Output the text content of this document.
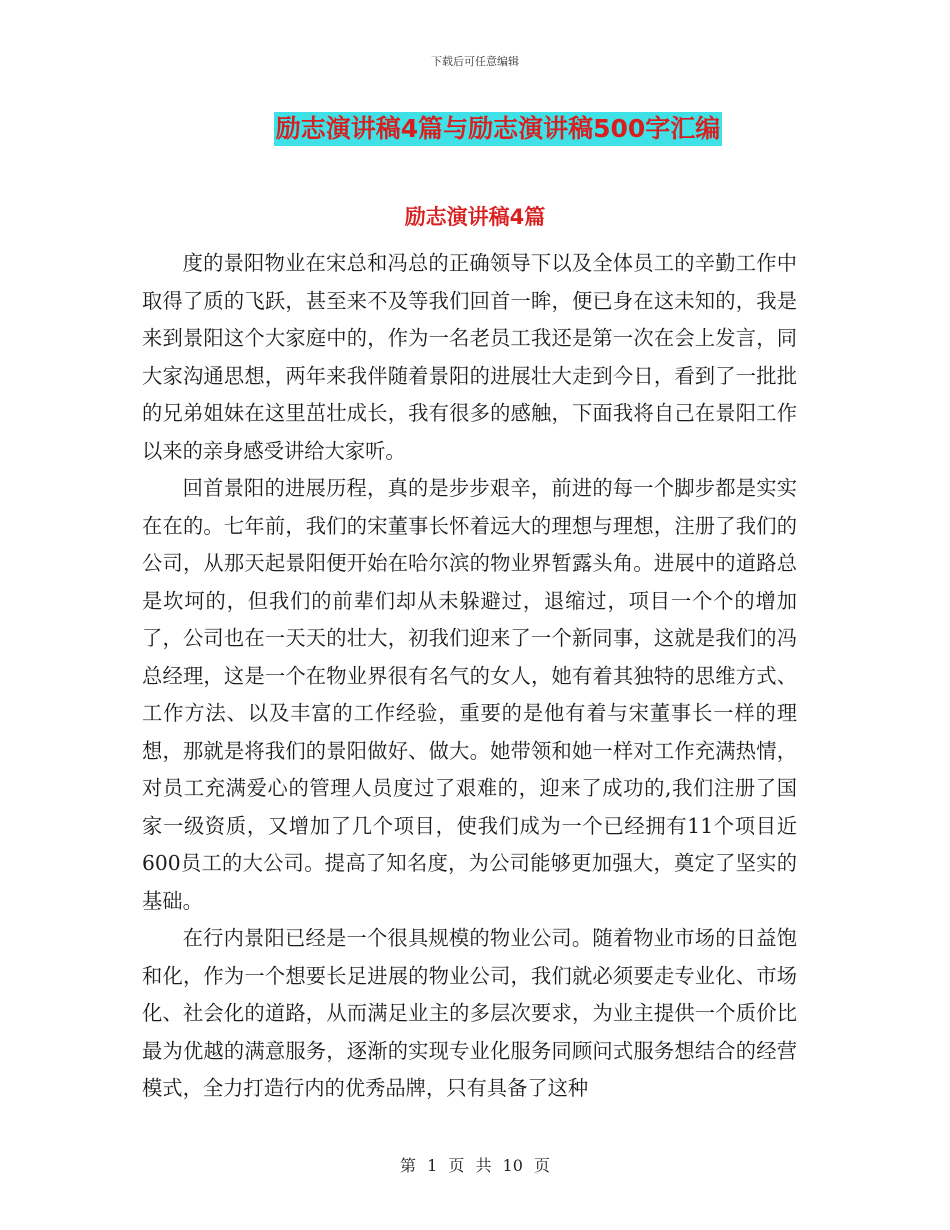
下载后可任意编辑
励志演讲稿4篇与励志演讲稿500字汇编
励志演讲稿4篇

度的景阳物业在宋总和冯总的正确领导下以及全体员工的辛勤工作中取得了质的飞跃，甚至来不及等我们回首一眸，便已身在这未知的，我是来到景阳这个大家庭中的，作为一名老员工我还是第一次在会上发言，同大家沟通思想，两年来我伴随着景阳的进展壮大走到今日，看到了一批批的兄弟姐妹在这里茁壮成长，我有很多的感触，下面我将自己在景阳工作以来的亲身感受讲给大家听。

回首景阳的进展历程，真的是步步艰辛，前进的每一个脚步都是实实在在的。七年前，我们的宋董事长怀着远大的理想与理想，注册了我们的公司，从那天起景阳便开始在哈尔滨的物业界暂露头角。进展中的道路总是坎坷的，但我们的前辈们却从未躲避过，退缩过，项目一个个的增加了，公司也在一天天的壮大，初我们迎来了一个新同事，这就是我们的冯总经理，这是一个在物业界很有名气的女人，她有着其独特的思维方式、工作方法、以及丰富的工作经验，重要的是他有着与宋董事长一样的理想，那就是将我们的景阳做好、做大。她带领和她一样对工作充满热情，对员工充满爱心的管理人员度过了艰难的，迎来了成功的,我们注册了国家一级资质，又增加了几个项目，使我们成为一个已经拥有11个项目近600员工的大公司。提高了知名度，为公司能够更加强大，奠定了坚实的基础。

在行内景阳已经是一个很具规模的物业公司。随着物业市场的日益饱和化，作为一个想要长足进展的物业公司，我们就必须要走专业化、市场化、社会化的道路，从而满足业主的多层次要求，为业主提供一个质价比最为优越的满意服务，逐渐的实现专业化服务同顾问式服务想结合的经营模式，全力打造行内的优秀品牌，只有具备了这种

第 1 页 共 10 页
